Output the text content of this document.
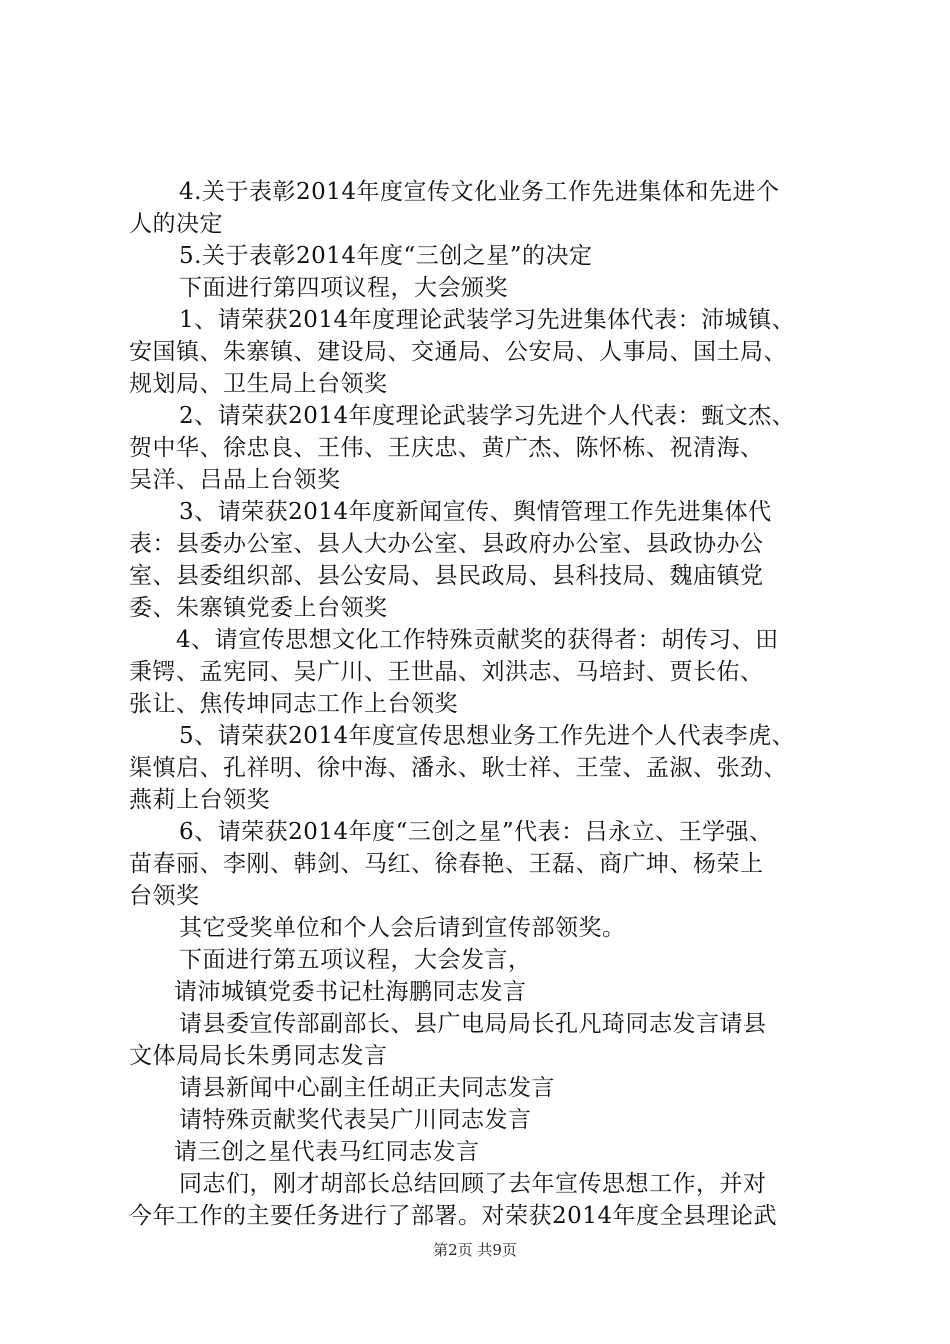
4.关于表彰2014年度宣传文化业务工作先进集体和先进个
人的决定
5.关于表彰2014年度“三创之星”的决定
下面进行第四项议程，大会颁奖
1、请荣获2014年度理论武装学习先进集体代表：沛城镇、
安国镇、朱寨镇、建设局、交通局、公安局、人事局、国土局、
规划局、卫生局上台领奖
2、请荣获2014年度理论武装学习先进个人代表：甄文杰、
贺中华、徐忠良、王伟、王庆忠、黄广杰、陈怀栋、祝清海、
吴洋、吕品上台领奖
3、请荣获2014年度新闻宣传、舆情管理工作先进集体代
表：县委办公室、县人大办公室、县政府办公室、县政协办公
室、县委组织部、县公安局、县民政局、县科技局、魏庙镇党
委、朱寨镇党委上台领奖
4、请宣传思想文化工作特殊贡献奖的获得者：胡传习、田
秉锷、孟宪同、吴广川、王世晶、刘洪志、马培封、贾长佑、
张让、焦传坤同志工作上台领奖
5、请荣获2014年度宣传思想业务工作先进个人代表李虎、
渠慎启、孔祥明、徐中海、潘永、耿士祥、王莹、孟淑、张劲、
燕莉上台领奖
6、请荣获2014年度“三创之星”代表：吕永立、王学强、
苗春丽、李刚、韩剑、马红、徐春艳、王磊、商广坤、杨荣上
台领奖
其它受奖单位和个人会后请到宣传部领奖。
下面进行第五项议程，大会发言，
请沛城镇党委书记杜海鹏同志发言
请县委宣传部副部长、县广电局局长孔凡琦同志发言请县
文体局局长朱勇同志发言
请县新闻中心副主任胡正夫同志发言
请特殊贡献奖代表吴广川同志发言
请三创之星代表马红同志发言
同志们，刚才胡部长总结回顾了去年宣传思想工作，并对
今年工作的主要任务进行了部署。对荣获2014年度全县理论武
第2页 共9页
